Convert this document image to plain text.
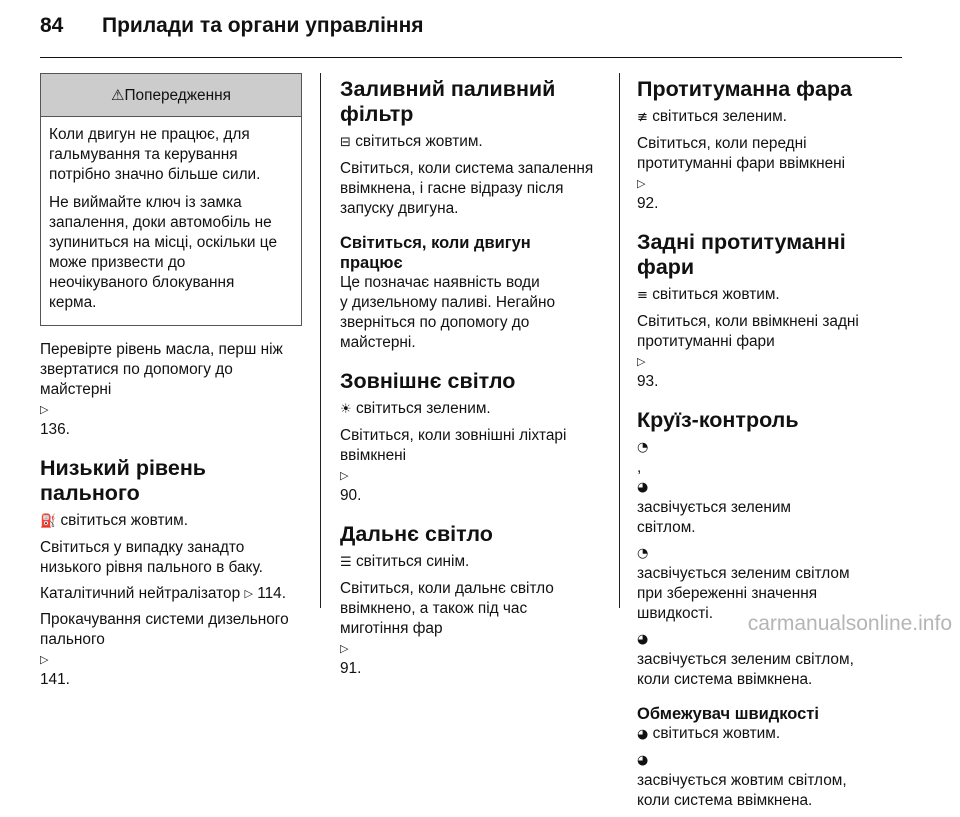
84 Прилади та органи управління
⚠Попередження

Коли двигун не працює, для
гальмування та керування
потрібно значно більше сили.

Не виймайте ключ із замка
запалення, доки автомобіль не
зупиниться на місці, оскільки це
може призвести до
неочікуваного блокування
керма.

Перевірте рівень масла, перш ніж
звертатися по допомогу до
майстерні
▷
136.

Низький рівень пального

⛽ світиться жовтим.

Світиться у випадку занадто
низького рівня пального в баку.

Каталітичний нейтралізатор ▷ 114.

Прокачування системи дизельного
пального
▷
141.

Заливний паливний
фільтр

⊟ світиться жовтим.

Світиться, коли система запалення
ввімкнена, і гасне відразу після
запуску двигуна.

Світиться, коли двигун
працює

Це позначає наявність води
у дизельному паливі. Негайно
зверніться по допомогу до
майстерні.

Зовнішнє світло

☀ світиться зеленим.

Світиться, коли зовнішні ліхтарі
ввімкнені
▷
90.

Дальнє світло

☰ світиться синім.

Світиться, коли дальнє світло
ввімкнено, а також під час
миготіння фар
▷
91.

Протитуманна фара

≢ світиться зеленим.

Світиться, коли передні
протитуманні фари ввімкнені
▷
92.

Задні протитуманні фари

≡ світиться жовтим.

Світиться, коли ввімкнені задні
протитуманні фари
▷
93.

Круїз-контроль

◔
,
◕
засвічується зеленим
світлом.

◔
засвічується зеленим світлом
при збереженні значення
швидкості.

◕
засвічується зеленим світлом,
коли система ввімкнена.

Обмежувач швидкості

◕ світиться жовтим.

◕
засвічується жовтим світлом,
коли система ввімкнена.

carmanualsonline.info
